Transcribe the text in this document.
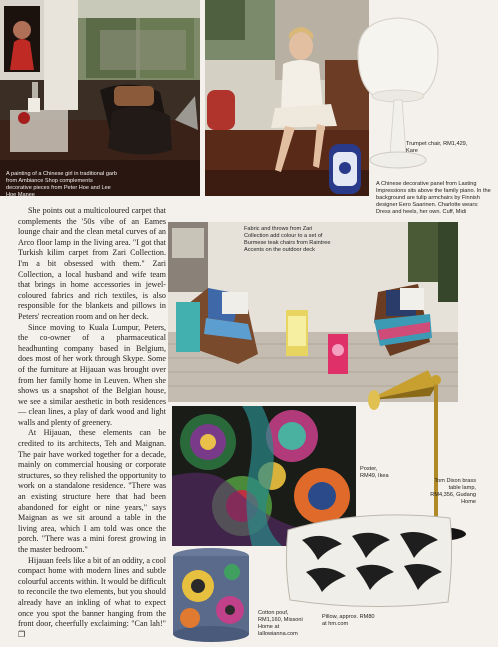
A painting of a Chinese girl in traditional garb from Ambiance Shop complements decorative pieces from Peter Hoe and Lee Hoe Manee
Trumpet chair, RM1,429, Kare
A Chinese decorative panel from Lasting Impressions sits above the family piano. In the background are tulip armchairs by Finnish designer Eero Saarinen. Charlotte wears: Dress and heels, her own. Cuff, Midi

She points out a multicoloured carpet that complements the '50s vibe of an Eames lounge chair and the clean metal curves of an Arco floor lamp in the living area. "I got that Turkish kilim carpet from Zari Collection. I'm a bit obsessed with them." Zari Collection, a local husband and wife team that brings in home accessories in jewel-coloured fabrics and rich textiles, is also responsible for the blankets and pillows in Peters' recreation room and on her deck.

Since moving to Kuala Lumpur, Peters, the co-owner of a pharmaceutical headhunting company based in Belgium, does most of her work through Skype. Some of the furniture at Hijauan was brought over from her family home in Leuven. When she shows us a snapshot of the Belgian house, we see a similar aesthetic in both residences — clean lines, a play of dark wood and light walls and plenty of greenery.

At Hijauan, these elements can be credited to its architects, Teh and Maignan. The pair have worked together for a decade, mainly on commercial housing or corporate structures, so they relished the opportunity to work on a standalone residence. "There was an existing structure here that had been abandoned for eight or nine years," says Maignan as we sit around a table in the living area, which I am told was once the porch. "There was a mini forest growing in the master bedroom."

Hijauan feels like a bit of an oddity, a cool compact home with modern lines and subtle colourful accents within. It would be difficult to reconcile the two elements, but you should already have an inkling of what to expect once you spot the banner hanging from the front door, cheerfully exclaiming: "Can lah!" ❐

Fabric and throws from Zari Collection add colour to a set of Burmese teak chairs from Raintree Accents on the outdoor deck
Poster, RM49, Ikea
Tom Dixon brass table lamp, RM4,356, Gudang Home
Cotton pouf, RM1,160, Missoni Home at lallowianna.com
Pillow, approx. RM80 at hm.com
